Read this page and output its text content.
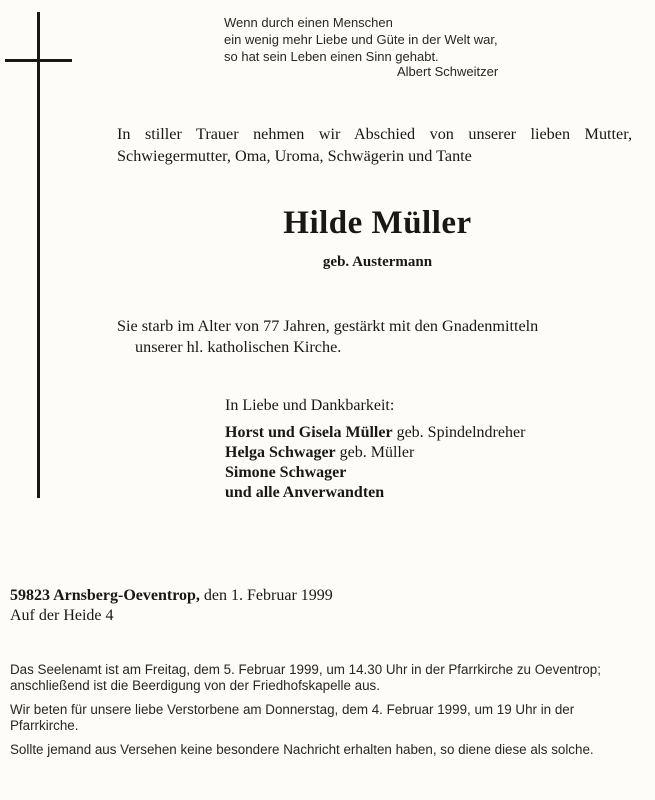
Wenn durch einen Menschen
ein wenig mehr Liebe und Güte in der Welt war,
so hat sein Leben einen Sinn gehabt.
Albert Schweitzer

In stiller Trauer nehmen wir Abschied von unserer lieben Mutter, Schwiegermutter, Oma, Uroma, Schwägerin und Tante

Hilde Müller
geb. Austermann
Sie starb im Alter von 77 Jahren, gestärkt mit den Gnadenmitteln
unserer hl. katholischen Kirche.
In Liebe und Dankbarkeit:
Horst und Gisela Müller geb. Spindelndreher
Helga Schwager geb. Müller
Simone Schwager
und alle Anverwandten
59823 Arnsberg-Oeventrop, den 1. Februar 1999
Auf der Heide 4

Das Seelenamt ist am Freitag, dem 5. Februar 1999, um 14.30 Uhr in der Pfarrkirche zu Oeventrop; anschließend ist die Beerdigung von der Friedhofskapelle aus.

Wir beten für unsere liebe Verstorbene am Donnerstag, dem 4. Februar 1999, um 19 Uhr in der Pfarrkirche.

Sollte jemand aus Versehen keine besondere Nachricht erhalten haben, so diene diese als solche.
